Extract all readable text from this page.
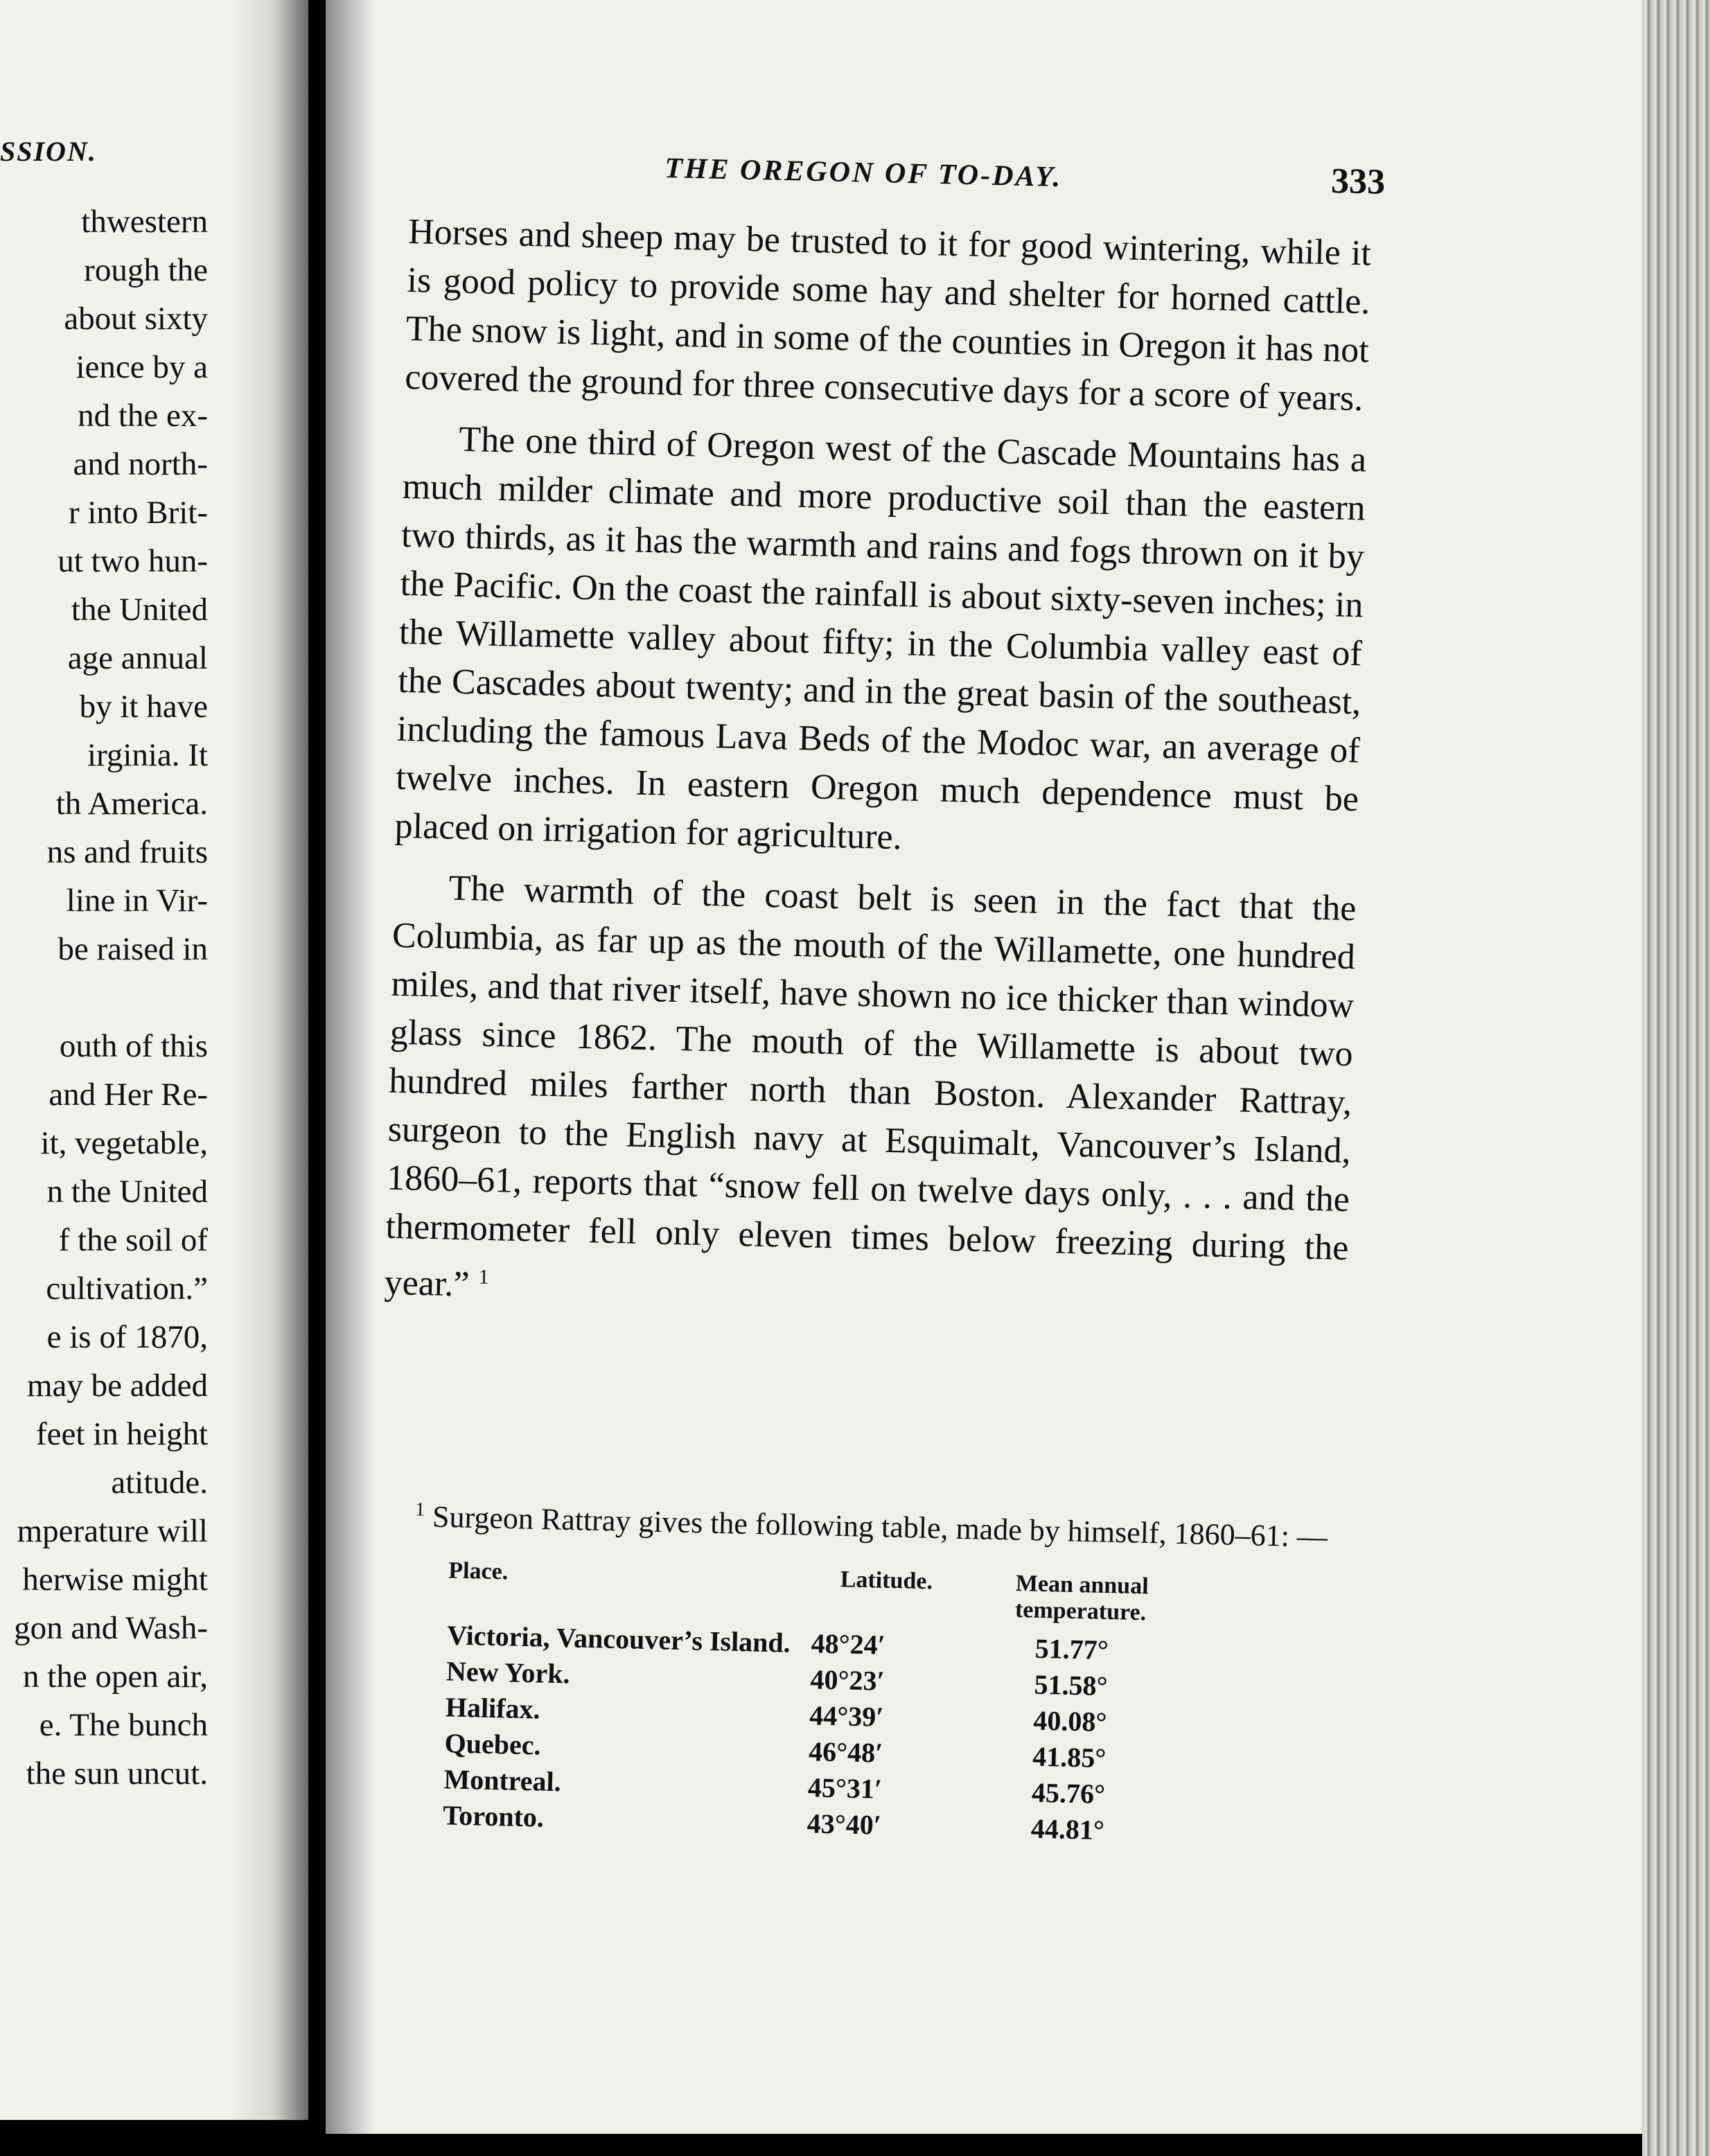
SSION.
thwestern
rough the
about sixty
ience by a
nd the ex-
and north-
r into Brit-
ut two hun-
the United
age annual
by it have
irginia. It
th America.
ns and fruits
line in Vir-
be raised in
outh of this
and Her Re-
it, vegetable,
n the United
f the soil of
cultivation.”
e is of 1870,
may be added
feet in height
atitude.
mperature will
herwise might
gon and Wash-
n the open air,
e. The bunch
the sun uncut.
THE OREGON OF TO-DAY.	333

Horses and sheep may be trusted to it for good wintering, while it is good policy to provide some hay and shelter for horned cattle. The snow is light, and in some of the counties in Oregon it has not covered the ground for three consecutive days for a score of years.

The one third of Oregon west of the Cascade Mountains has a much milder climate and more productive soil than the eastern two thirds, as it has the warmth and rains and fogs thrown on it by the Pacific. On the coast the rainfall is about sixty-seven inches; in the Willamette valley about fifty; in the Columbia valley east of the Cascades about twenty; and in the great basin of the southeast, including the famous Lava Beds of the Modoc war, an average of twelve inches. In eastern Oregon much dependence must be placed on irrigation for agriculture.

The warmth of the coast belt is seen in the fact that the Columbia, as far up as the mouth of the Willamette, one hundred miles, and that river itself, have shown no ice thicker than window glass since 1862. The mouth of the Willamette is about two hundred miles farther north than Boston. Alexander Rattray, surgeon to the English navy at Esquimalt, Vancouver’s Island, 1860–61, reports that “snow fell on twelve days only, . . . and the thermometer fell only eleven times below freezing during the year.” $^1$

$^1$ Surgeon Rattray gives the following table, made by himself, 1860–61: —

Place.	Latitude.	Mean annual temperature.
Victoria, Vancouver’s Island.	48°24′	51.77°
New York.	40°23′	51.58°
Halifax.	44°39′	40.08°
Quebec.	46°48′	41.85°
Montreal.	45°31′	45.76°
Toronto.	43°40′	44.81°
